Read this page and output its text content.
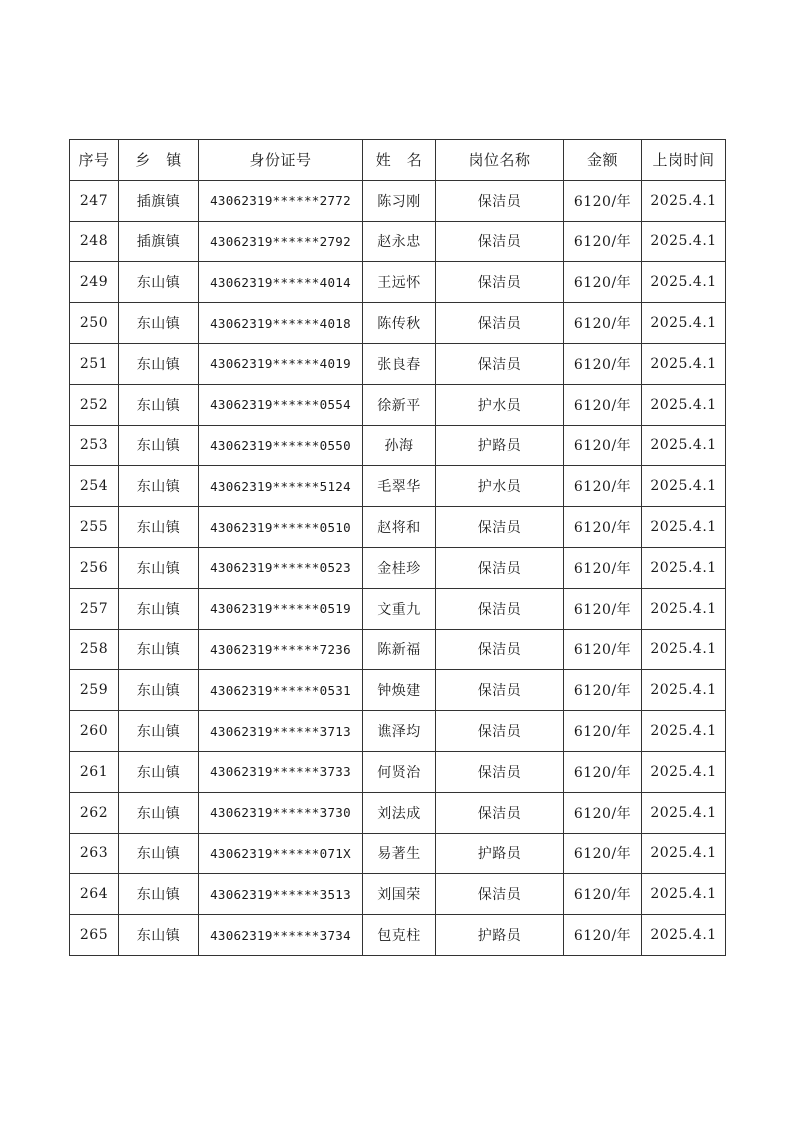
序号	乡　镇	身份证号	姓　名	岗位名称	金额	上岗时间
247	插旗镇	43062319******2772	陈习刚	保洁员	6120/年	2025.4.1
248	插旗镇	43062319******2792	赵永忠	保洁员	6120/年	2025.4.1
249	东山镇	43062319******4014	王远怀	保洁员	6120/年	2025.4.1
250	东山镇	43062319******4018	陈传秋	保洁员	6120/年	2025.4.1
251	东山镇	43062319******4019	张良春	保洁员	6120/年	2025.4.1
252	东山镇	43062319******0554	徐新平	护水员	6120/年	2025.4.1
253	东山镇	43062319******0550	孙海	护路员	6120/年	2025.4.1
254	东山镇	43062319******5124	毛翠华	护水员	6120/年	2025.4.1
255	东山镇	43062319******0510	赵将和	保洁员	6120/年	2025.4.1
256	东山镇	43062319******0523	金桂珍	保洁员	6120/年	2025.4.1
257	东山镇	43062319******0519	文重九	保洁员	6120/年	2025.4.1
258	东山镇	43062319******7236	陈新福	保洁员	6120/年	2025.4.1
259	东山镇	43062319******0531	钟焕建	保洁员	6120/年	2025.4.1
260	东山镇	43062319******3713	谯泽均	保洁员	6120/年	2025.4.1
261	东山镇	43062319******3733	何贤治	保洁员	6120/年	2025.4.1
262	东山镇	43062319******3730	刘法成	保洁员	6120/年	2025.4.1
263	东山镇	43062319******071X	易著生	护路员	6120/年	2025.4.1
264	东山镇	43062319******3513	刘国荣	保洁员	6120/年	2025.4.1
265	东山镇	43062319******3734	包克柱	护路员	6120/年	2025.4.1
